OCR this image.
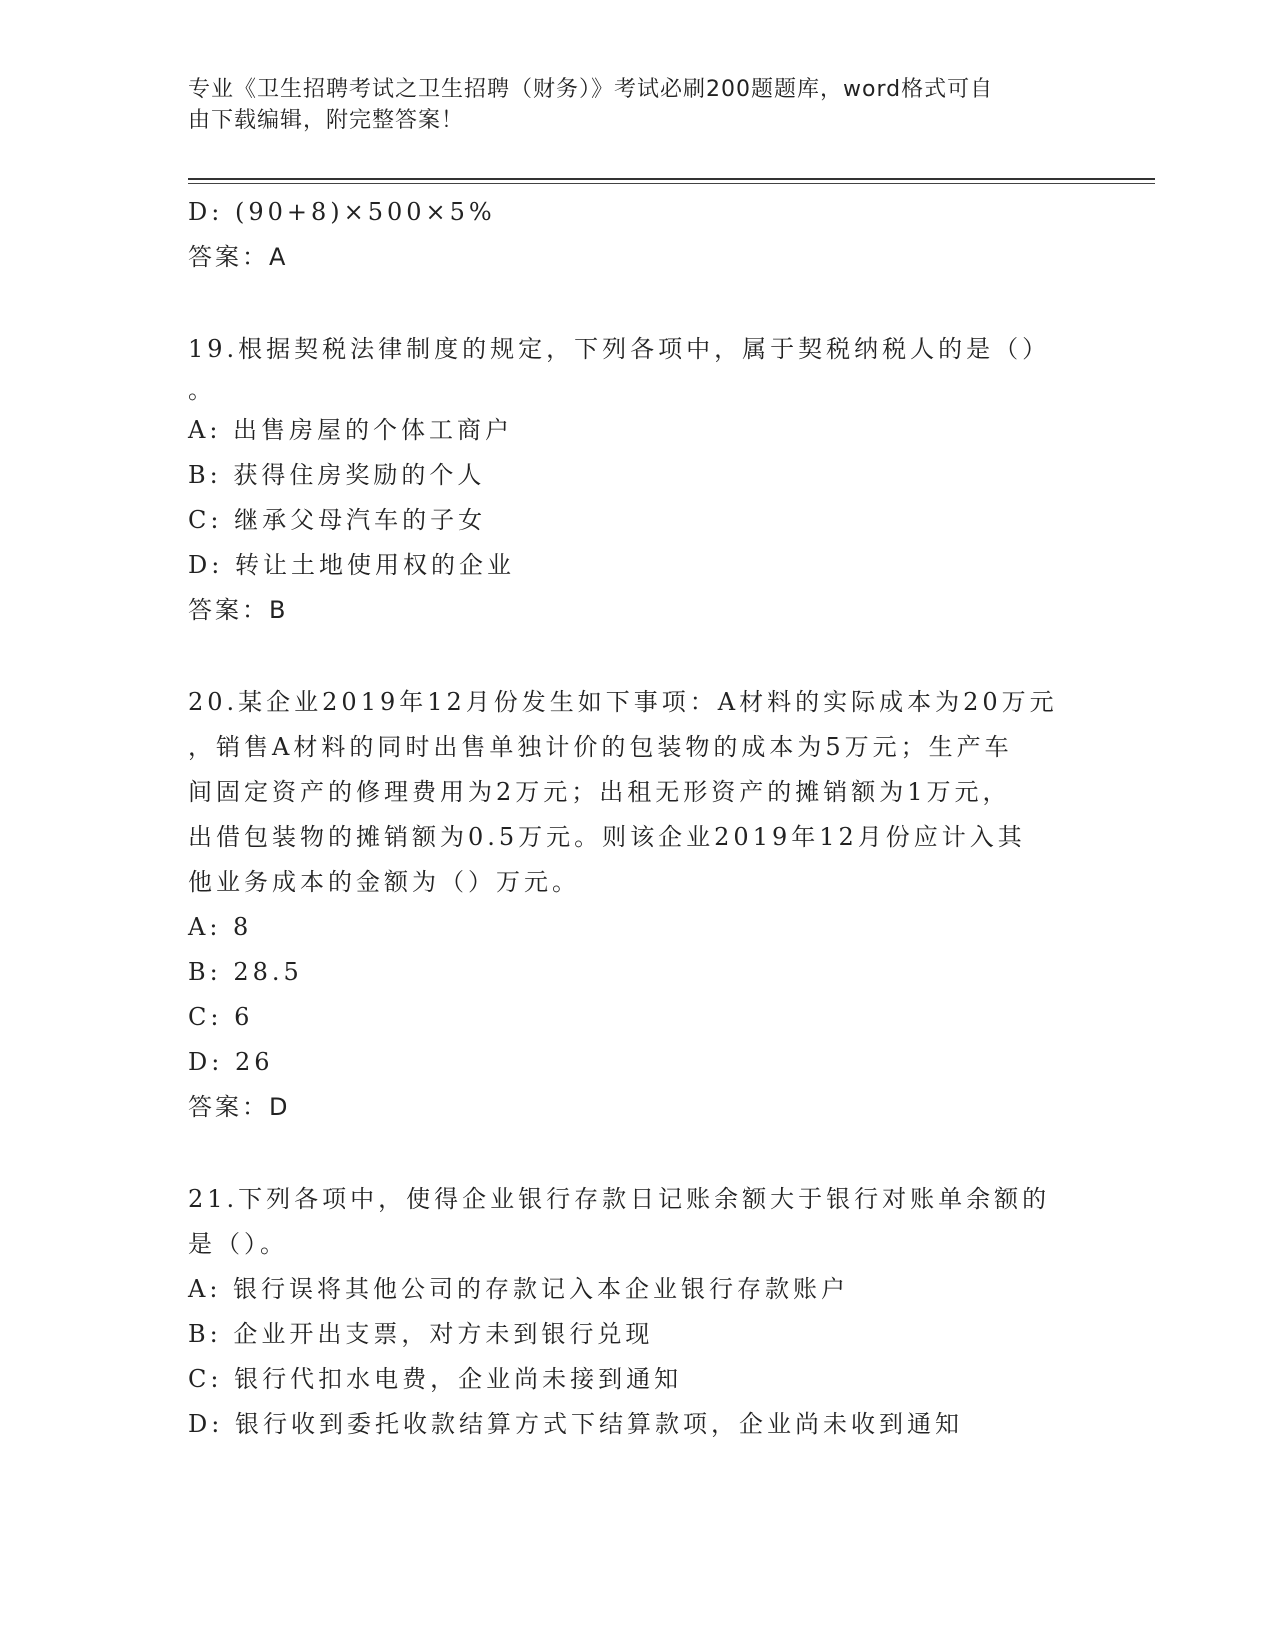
专业《卫生招聘考试之卫生招聘（财务）》考试必刷200题题库，word格式可自
由下载编辑，附完整答案！
D: (90+8)×500×5%
答案：A
19.根据契税法律制度的规定，下列各项中，属于契税纳税人的是（）
。
A: 出售房屋的个体工商户
B: 获得住房奖励的个人
C: 继承父母汽车的子女
D: 转让土地使用权的企业
答案：B
20.某企业2019年12月份发生如下事项：A材料的实际成本为20万元
，销售A材料的同时出售单独计价的包装物的成本为5万元；生产车
间固定资产的修理费用为2万元；出租无形资产的摊销额为1万元，
出借包装物的摊销额为0.5万元。则该企业2019年12月份应计入其
他业务成本的金额为（）万元。
A: 8
B: 28.5
C: 6
D: 26
答案：D
21.下列各项中，使得企业银行存款日记账余额大于银行对账单余额的
是（）。
A: 银行误将其他公司的存款记入本企业银行存款账户
B: 企业开出支票，对方未到银行兑现
C: 银行代扣水电费，企业尚未接到通知
D: 银行收到委托收款结算方式下结算款项，企业尚未收到通知
